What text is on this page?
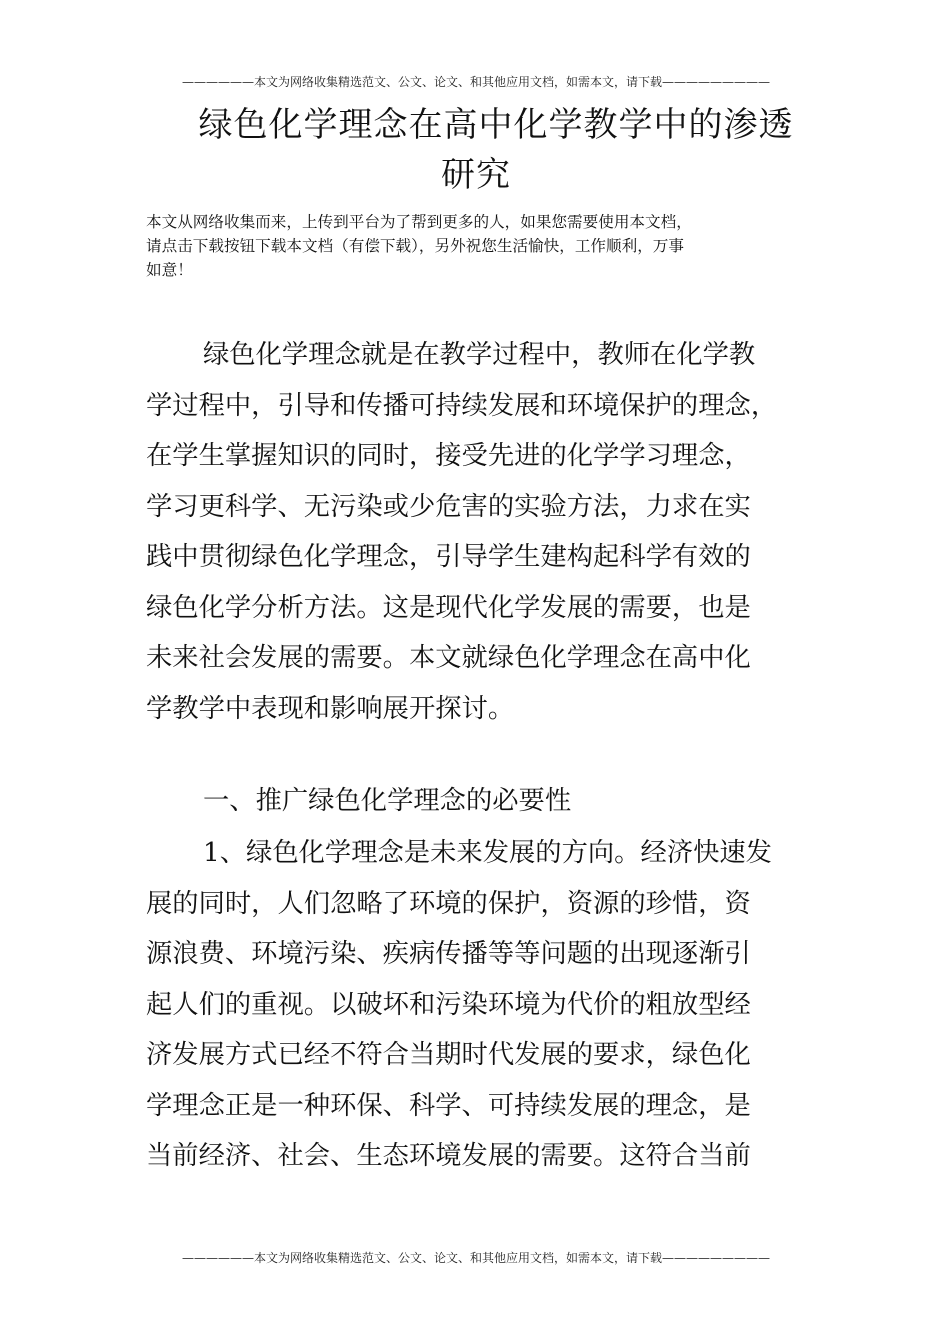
——————本文为网络收集精选范文、公文、论文、和其他应用文档，如需本文，请下载—————————
绿色化学理念在高中化学教学中的渗透
研究
本文从网络收集而来，上传到平台为了帮到更多的人，如果您需要使用本文档，
请点击下载按钮下载本文档（有偿下载），另外祝您生活愉快，工作顺利，万事
如意！
绿色化学理念就是在教学过程中，教师在化学教
学过程中，引导和传播可持续发展和环境保护的理念，
在学生掌握知识的同时，接受先进的化学学习理念，
学习更科学、无污染或少危害的实验方法，力求在实
践中贯彻绿色化学理念，引导学生建构起科学有效的
绿色化学分析方法。这是现代化学发展的需要，也是
未来社会发展的需要。本文就绿色化学理念在高中化
学教学中表现和影响展开探讨。
一、推广绿色化学理念的必要性
1、绿色化学理念是未来发展的方向。经济快速发
展的同时，人们忽略了环境的保护，资源的珍惜，资
源浪费、环境污染、疾病传播等等问题的出现逐渐引
起人们的重视。以破坏和污染环境为代价的粗放型经
济发展方式已经不符合当期时代发展的要求，绿色化
学理念正是一种环保、科学、可持续发展的理念，是
当前经济、社会、生态环境发展的需要。这符合当前
——————本文为网络收集精选范文、公文、论文、和其他应用文档，如需本文，请下载—————————
